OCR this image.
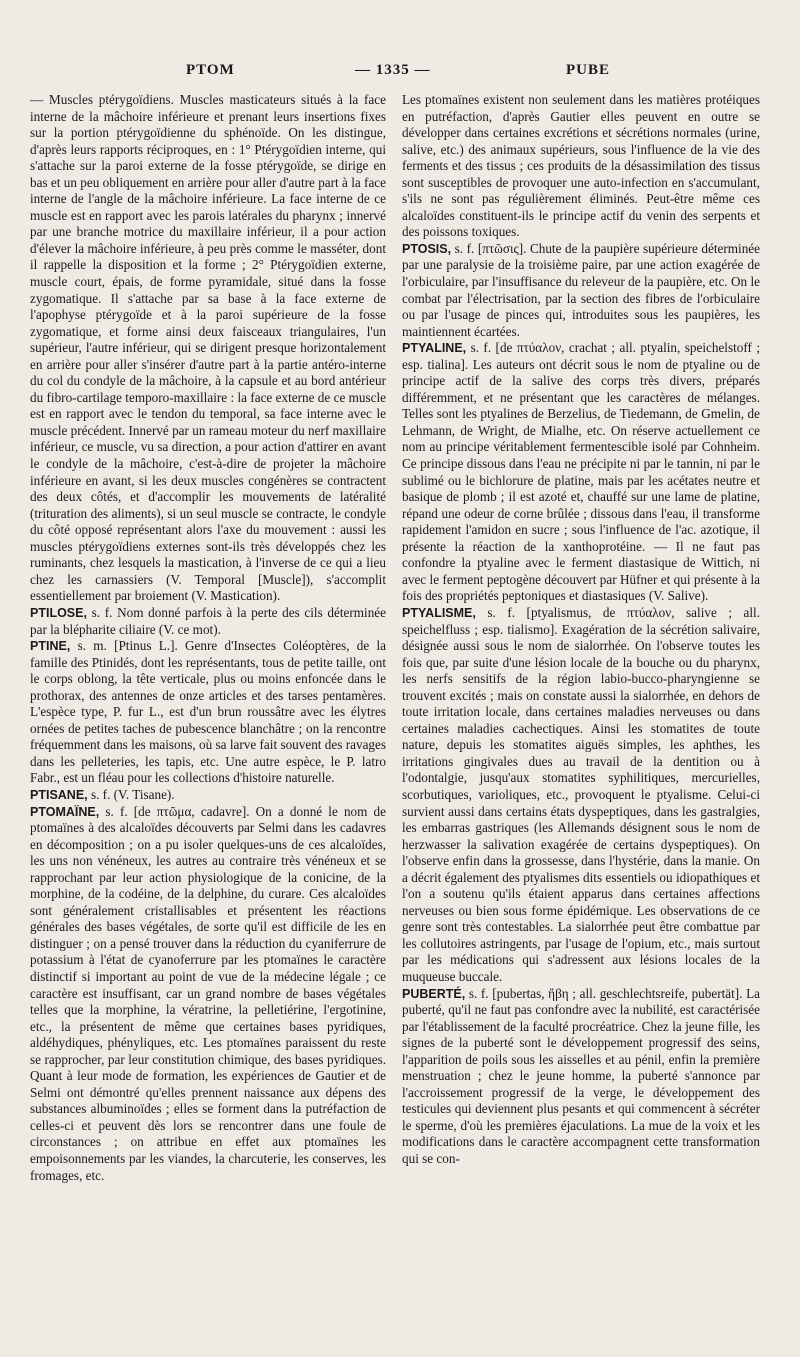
PTOM	— 1335 —	PUBE

— Muscles ptérygoïdiens. Muscles masticateurs situés à la face interne de la mâchoire inférieure et prenant leurs insertions fixes sur la portion ptérygoïdienne du sphénoïde. On les distingue, d'après leurs rapports réciproques, en : 1° Ptérygoïdien interne, qui s'attache sur la paroi externe de la fosse ptérygoïde, se dirige en bas et un peu obliquement en arrière pour aller d'autre part à la face interne de l'angle de la mâchoire inférieure. La face interne de ce muscle est en rapport avec les parois latérales du pharynx ; innervé par une branche motrice du maxillaire inférieur, il a pour action d'élever la mâchoire inférieure, à peu près comme le masséter, dont il rappelle la disposition et la forme ; 2° Ptérygoïdien externe, muscle court, épais, de forme pyramidale, situé dans la fosse zygomatique. Il s'attache par sa base à la face externe de l'apophyse ptérygoïde et à la paroi supérieure de la fosse zygomatique, et forme ainsi deux faisceaux triangulaires, l'un supérieur, l'autre inférieur, qui se dirigent presque horizontalement en arrière pour aller s'insérer d'autre part à la partie antéro-interne du col du condyle de la mâchoire, à la capsule et au bord antérieur du fibro-cartilage temporo-maxillaire : la face externe de ce muscle est en rapport avec le tendon du temporal, sa face interne avec le muscle précédent. Innervé par un rameau moteur du nerf maxillaire inférieur, ce muscle, vu sa direction, a pour action d'attirer en avant le condyle de la mâchoire, c'est-à-dire de projeter la mâchoire inférieure en avant, si les deux muscles congénères se contractent des deux côtés, et d'accomplir les mouvements de latéralité (trituration des aliments), si un seul muscle se contracte, le condyle du côté opposé représentant alors l'axe du mouvement : aussi les muscles ptérygoïdiens externes sont-ils très développés chez les ruminants, chez lesquels la mastication, à l'inverse de ce qui a lieu chez les carnassiers (V. Temporal [Muscle]), s'accomplit essentiellement par broiement (V. Mastication).

PTILOSE, s. f. Nom donné parfois à la perte des cils déterminée par la blépharite ciliaire (V. ce mot).

PTINE, s. m. [Ptinus L.]. Genre d'Insectes Coléoptères, de la famille des Ptinidés, dont les représentants, tous de petite taille, ont le corps oblong, la tête verticale, plus ou moins enfoncée dans le prothorax, des antennes de onze articles et des tarses pentamères. L'espèce type, P. fur L., est d'un brun roussâtre avec les élytres ornées de petites taches de pubescence blanchâtre ; on la rencontre fréquemment dans les maisons, où sa larve fait souvent des ravages dans les pelleteries, les tapis, etc. Une autre espèce, le P. latro Fabr., est un fléau pour les collections d'histoire naturelle.

PTISANE, s. f. (V. Tisane).

PTOMAÏNE, s. f. [de πτῶμα, cadavre]. On a donné le nom de ptomaïnes à des alcaloïdes découverts par Selmi dans les cadavres en décomposition ; on a pu isoler quelques-uns de ces alcaloïdes, les uns non vénéneux, les autres au contraire très vénéneux et se rapprochant par leur action physiologique de la conicine, de la morphine, de la codéine, de la delphine, du curare. Ces alcaloïdes sont généralement cristallisables et présentent les réactions générales des bases végétales, de sorte qu'il est difficile de les en distinguer ; on a pensé trouver dans la réduction du cyaniferrure de potassium à l'état de cyanoferrure par les ptomaïnes le caractère distinctif si important au point de vue de la médecine légale ; ce caractère est insuffisant, car un grand nombre de bases végétales telles que la morphine, la vératrine, la pelletiérine, l'ergotinine, etc., la présentent de même que certaines bases pyridiques, aldéhydiques, phényliques, etc. Les ptomaïnes paraissent du reste se rapprocher, par leur constitution chimique, des bases pyridiques. Quant à leur mode de formation, les expériences de Gautier et de Selmi ont démontré qu'elles prennent naissance aux dépens des substances albuminoïdes ; elles se forment dans la putréfaction de celles-ci et peuvent dès lors se rencontrer dans une foule de circonstances ; on attribue en effet aux ptomaïnes les empoisonnements par les viandes, la charcuterie, les conserves, les fromages, etc.

Les ptomaïnes existent non seulement dans les matières protéiques en putréfaction, d'après Gautier elles peuvent en outre se développer dans certaines excrétions et sécrétions normales (urine, salive, etc.) des animaux supérieurs, sous l'influence de la vie des ferments et des tissus ; ces produits de la désassimilation des tissus sont susceptibles de provoquer une auto-infection en s'accumulant, s'ils ne sont pas régulièrement éliminés. Peut-être même ces alcaloïdes constituent-ils le principe actif du venin des serpents et des poissons toxiques.

PTOSIS, s. f. [πτῶσις]. Chute de la paupière supérieure déterminée par une paralysie de la troisième paire, par une action exagérée de l'orbiculaire, par l'insuffisance du releveur de la paupière, etc. On le combat par l'électrisation, par la section des fibres de l'orbiculaire ou par l'usage de pinces qui, introduites sous les paupières, les maintiennent écartées.

PTYALINE, s. f. [de πτύαλον, crachat ; all. ptyalin, speichelstoff ; esp. tialina]. Les auteurs ont décrit sous le nom de ptyaline ou de principe actif de la salive des corps très divers, préparés différemment, et ne présentant que les caractères de mélanges. Telles sont les ptyalines de Berzelius, de Tiedemann, de Gmelin, de Lehmann, de Wright, de Mialhe, etc. On réserve actuellement ce nom au principe véritablement fermentescible isolé par Cohnheim. Ce principe dissous dans l'eau ne précipite ni par le tannin, ni par le sublimé ou le bichlorure de platine, mais par les acétates neutre et basique de plomb ; il est azoté et, chauffé sur une lame de platine, répand une odeur de corne brûlée ; dissous dans l'eau, il transforme rapidement l'amidon en sucre ; sous l'influence de l'ac. azotique, il présente la réaction de la xanthoprotéine. — Il ne faut pas confondre la ptyaline avec le ferment diastasique de Wittich, ni avec le ferment peptogène découvert par Hüfner et qui présente à la fois des propriétés peptoniques et diastasiques (V. Salive).

PTYALISME, s. f. [ptyalismus, de πτύαλον, salive ; all. speichelfluss ; esp. tialismo]. Exagération de la sécrétion salivaire, désignée aussi sous le nom de sialorrhée. On l'observe toutes les fois que, par suite d'une lésion locale de la bouche ou du pharynx, les nerfs sensitifs de la région labio-bucco-pharyngienne se trouvent excités ; mais on constate aussi la sialorrhée, en dehors de toute irritation locale, dans certaines maladies nerveuses ou dans certaines maladies cachectiques. Ainsi les stomatites de toute nature, depuis les stomatites aiguës simples, les aphthes, les irritations gingivales dues au travail de la dentition ou à l'odontalgie, jusqu'aux stomatites syphilitiques, mercurielles, scorbutiques, varioliques, etc., provoquent le ptyalisme. Celui-ci survient aussi dans certains états dyspeptiques, dans les gastralgies, les embarras gastriques (les Allemands désignent sous le nom de herzwasser la salivation exagérée de certains dyspeptiques). On l'observe enfin dans la grossesse, dans l'hystérie, dans la manie. On a décrit également des ptyalismes dits essentiels ou idiopathiques et l'on a soutenu qu'ils étaient apparus dans certaines affections nerveuses ou bien sous forme épidémique. Les observations de ce genre sont très contestables. La sialorrhée peut être combattue par les collutoires astringents, par l'usage de l'opium, etc., mais surtout par les médications qui s'adressent aux lésions locales de la muqueuse buccale.

PUBERTÉ, s. f. [pubertas, ἥβη ; all. geschlechtsreife, pubertät]. La puberté, qu'il ne faut pas confondre avec la nubilité, est caractérisée par l'établissement de la faculté procréatrice. Chez la jeune fille, les signes de la puberté sont le développement progressif des seins, l'apparition de poils sous les aisselles et au pénil, enfin la première menstruation ; chez le jeune homme, la puberté s'annonce par l'accroissement progressif de la verge, le développement des testicules qui deviennent plus pesants et qui commencent à sécréter le sperme, d'où les premières éjaculations. La mue de la voix et les modifications dans le caractère accompagnent cette transformation qui se con-
